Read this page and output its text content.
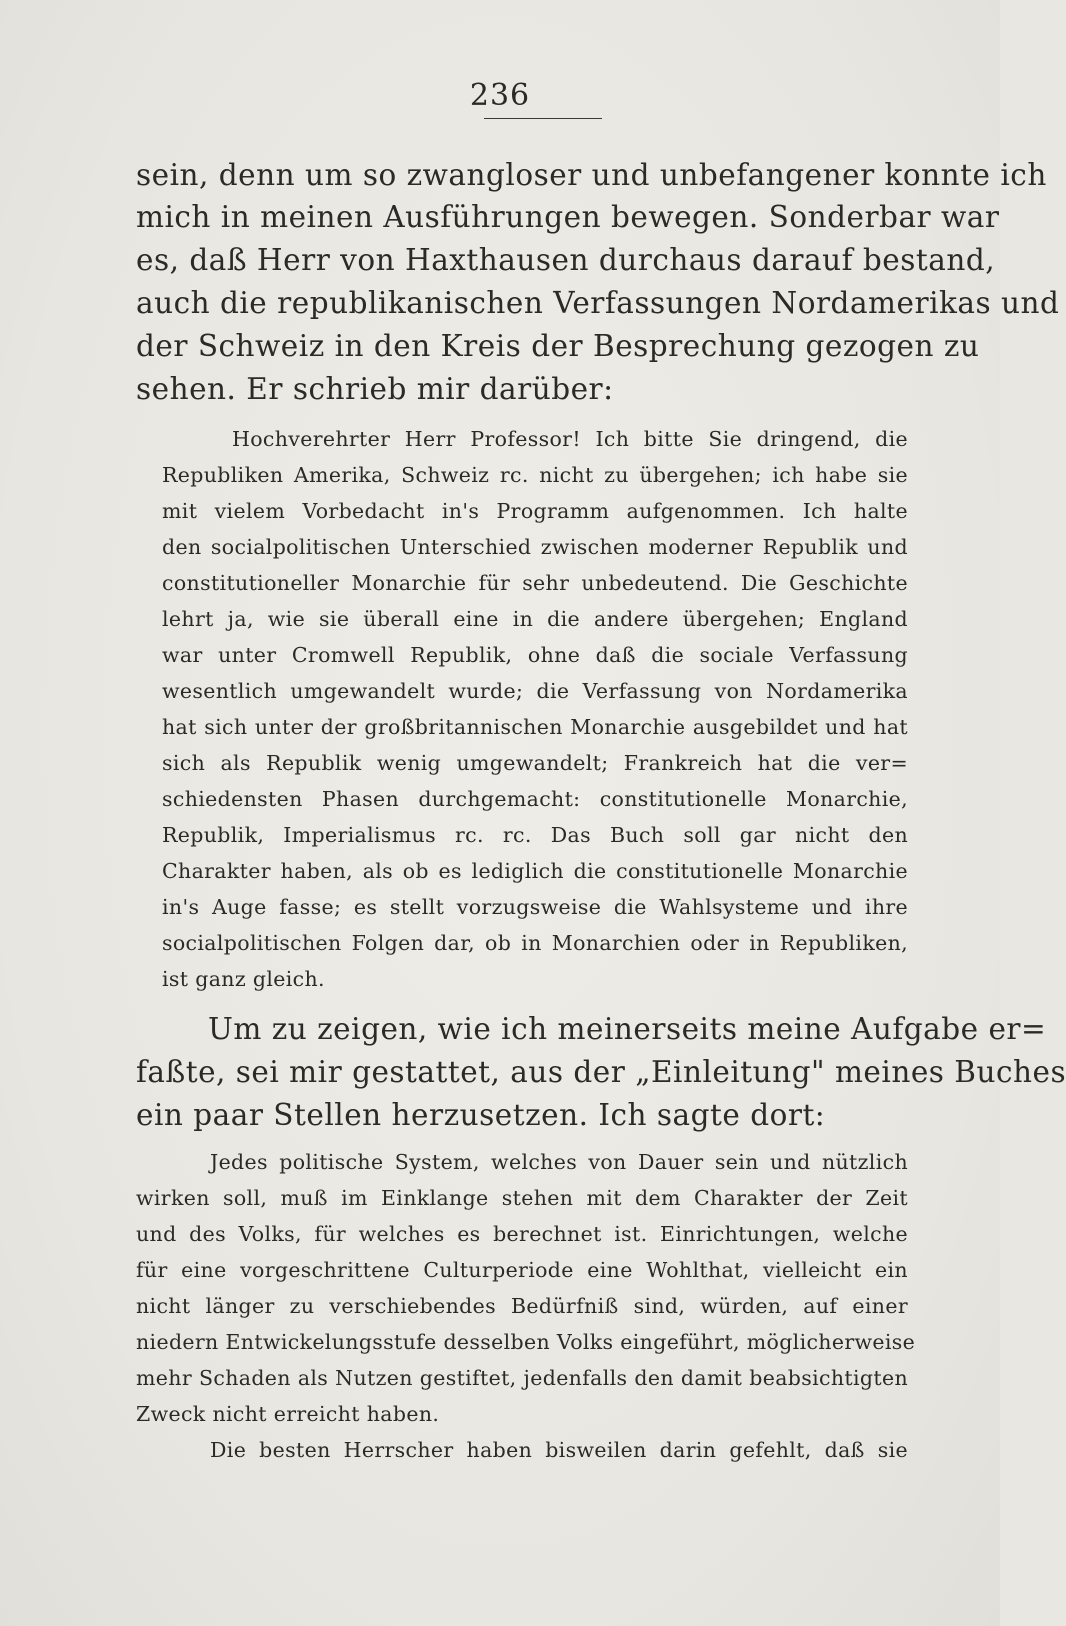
236
sein, denn um so zwangloser und unbefangener konnte ich
mich in meinen Ausführungen bewegen. Sonderbar war
es, daß Herr von Haxthausen durchaus darauf bestand,
auch die republikanischen Verfassungen Nordamerikas und
der Schweiz in den Kreis der Besprechung gezogen zu
sehen. Er schrieb mir darüber:
Hochverehrter Herr Professor! Ich bitte Sie dringend, die
Republiken Amerika, Schweiz rc. nicht zu übergehen; ich habe sie
mit vielem Vorbedacht in's Programm aufgenommen. Ich halte
den socialpolitischen Unterschied zwischen moderner Republik und
constitutioneller Monarchie für sehr unbedeutend. Die Geschichte
lehrt ja, wie sie überall eine in die andere übergehen; England
war unter Cromwell Republik, ohne daß die sociale Verfassung
wesentlich umgewandelt wurde; die Verfassung von Nordamerika
hat sich unter der großbritannischen Monarchie ausgebildet und hat
sich als Republik wenig umgewandelt; Frankreich hat die ver=
schiedensten Phasen durchgemacht: constitutionelle Monarchie,
Republik, Imperialismus rc. rc. Das Buch soll gar nicht den
Charakter haben, als ob es lediglich die constitutionelle Monarchie
in's Auge fasse; es stellt vorzugsweise die Wahlsysteme und ihre
socialpolitischen Folgen dar, ob in Monarchien oder in Republiken,
ist ganz gleich.
Um zu zeigen, wie ich meinerseits meine Aufgabe er=
faßte, sei mir gestattet, aus der „Einleitung" meines Buches
ein paar Stellen herzusetzen. Ich sagte dort:
Jedes politische System, welches von Dauer sein und nützlich
wirken soll, muß im Einklange stehen mit dem Charakter der Zeit
und des Volks, für welches es berechnet ist. Einrichtungen, welche
für eine vorgeschrittene Culturperiode eine Wohlthat, vielleicht ein
nicht länger zu verschiebendes Bedürfniß sind, würden, auf einer
niedern Entwickelungsstufe desselben Volks eingeführt, möglicherweise
mehr Schaden als Nutzen gestiftet, jedenfalls den damit beabsichtigten
Zweck nicht erreicht haben.
Die besten Herrscher haben bisweilen darin gefehlt, daß sie
